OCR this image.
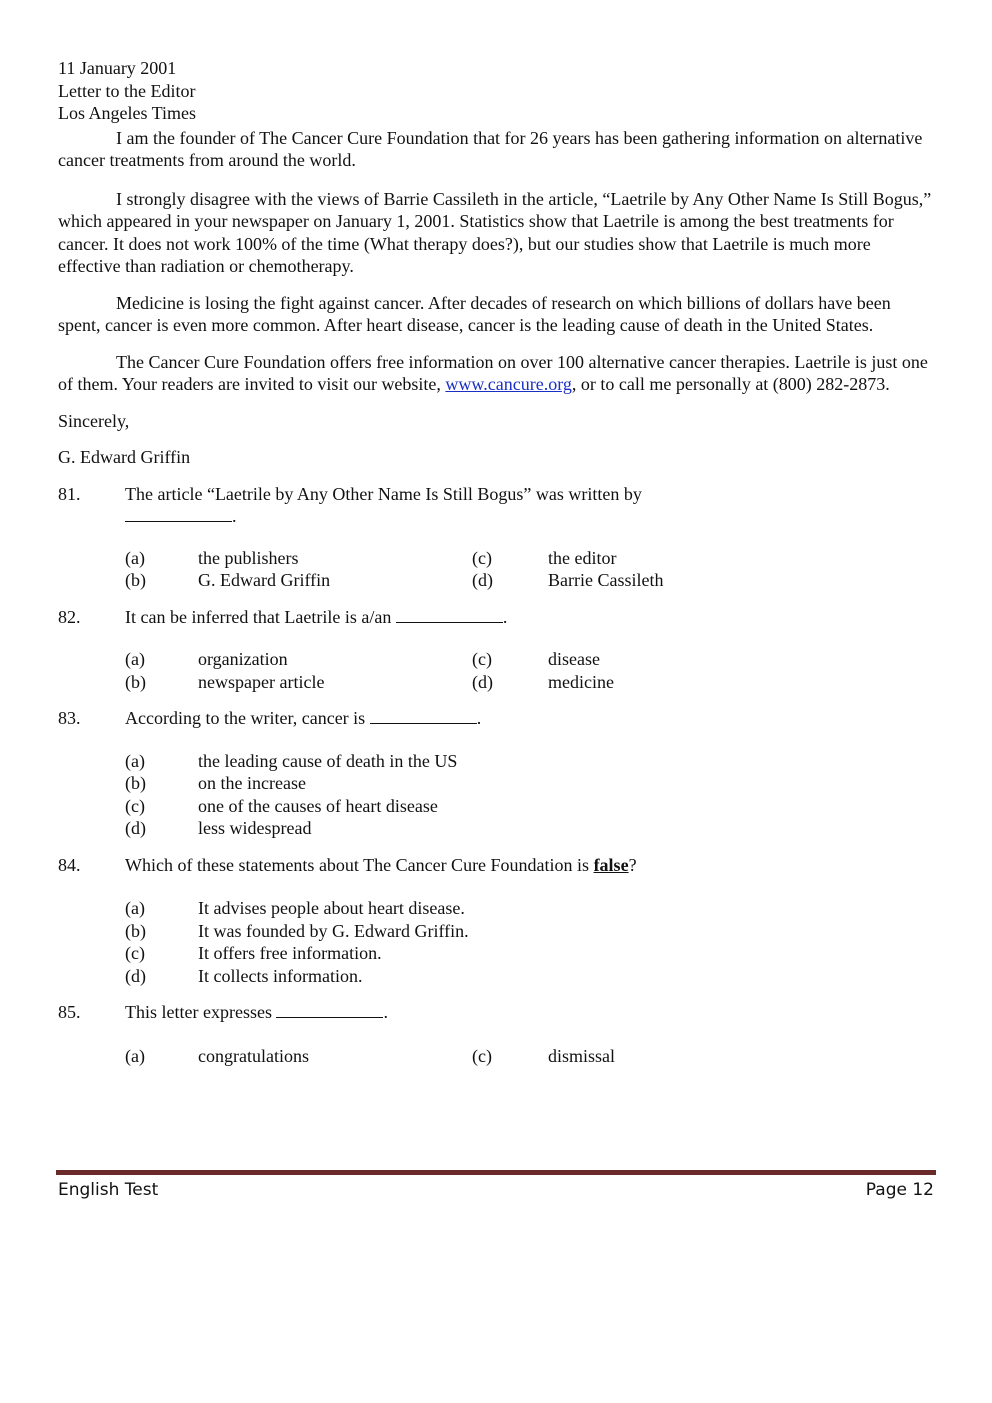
11 January 2001
Letter to the Editor
Los Angeles Times
I am the founder of The Cancer Cure Foundation that for 26 years has been gathering information on alternative cancer treatments from around the world.
I strongly disagree with the views of Barrie Cassileth in the article, “Laetrile by Any Other Name Is Still Bogus,” which appeared in your newspaper on January 1, 2001. Statistics show that Laetrile is among the best treatments for cancer. It does not work 100% of the time (What therapy does?), but our studies show that Laetrile is much more effective than radiation or chemotherapy.
Medicine is losing the fight against cancer. After decades of research on which billions of dollars have been spent, cancer is even more common. After heart disease, cancer is the leading cause of death in the United States.
The Cancer Cure Foundation offers free information on over 100 alternative cancer therapies. Laetrile is just one of them. Your readers are invited to visit our website, www.cancure.org, or to call me personally at (800) 282-2873.
Sincerely,
G. Edward Griffin
81. The article “Laetrile by Any Other Name Is Still Bogus” was written by
.
(a)	the publishers	(c)	the editor
(b)	G. Edward Griffin	(d)	Barrie Cassileth
82. It can be inferred that Laetrile is a/an	.
(a)	organization	(c)	disease
(b)	newspaper article	(d)	medicine
83. According to the writer, cancer is	.
(a)	the leading cause of death in the US
(b)	on the increase
(c)	one of the causes of heart disease
(d)	less widespread
84. Which of these statements about The Cancer Cure Foundation is false?
(a)	It advises people about heart disease.
(b)	It was founded by G. Edward Griffin.
(c)	It offers free information.
(d)	It collects information.
85. This letter expresses	.
(a)	congratulations	(c)	dismissal
English Test	Page 12
